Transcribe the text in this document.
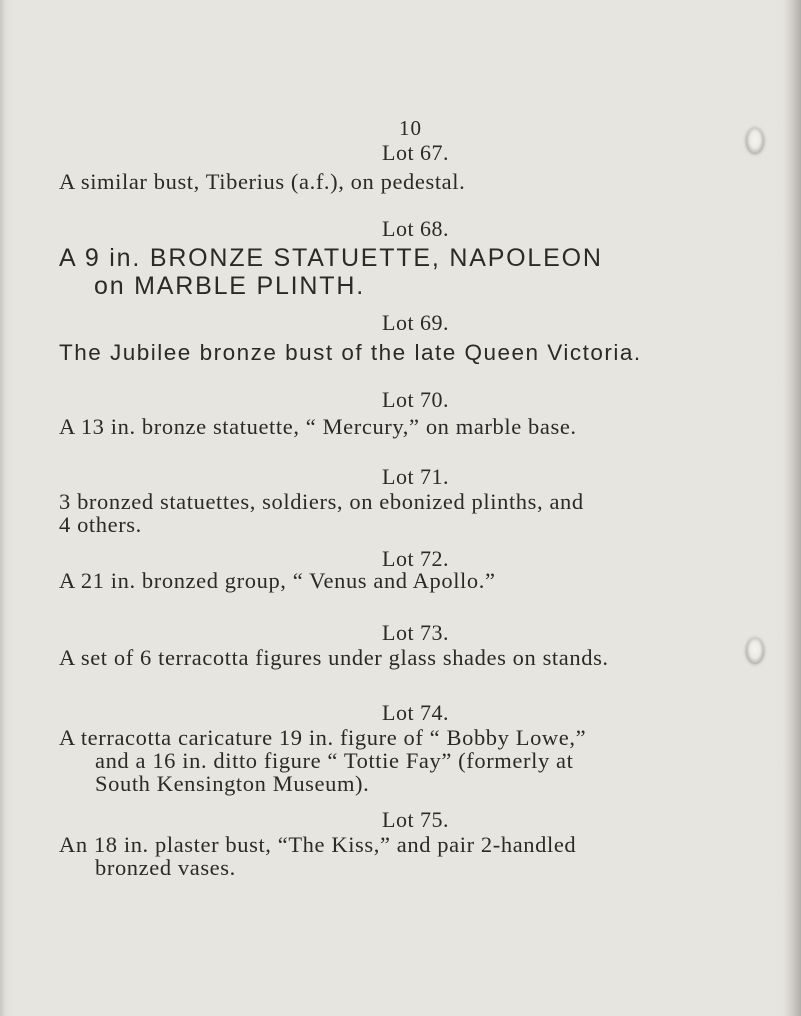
10
Lot 67.
A similar bust, Tiberius (a.f.), on pedestal.
Lot 68.
A 9 in. BRONZE STATUETTE, NAPOLEON
on MARBLE PLINTH.
Lot 69.
The Jubilee bronze bust of the late Queen Victoria.
Lot 70.
A 13 in. bronze statuette, “ Mercury,” on marble base.
Lot 71.
3 bronzed statuettes, soldiers, on ebonized plinths, and
4 others.
Lot 72.
A 21 in. bronzed group, “ Venus and Apollo.”
Lot 73.
A set of 6 terracotta figures under glass shades on stands.
Lot 74.
A terracotta caricature 19 in. figure of “ Bobby Lowe,”
and a 16 in. ditto figure “ Tottie Fay” (formerly at
South Kensington Museum).
Lot 75.
An 18 in. plaster bust, “The Kiss,” and pair 2-handled
bronzed vases.
